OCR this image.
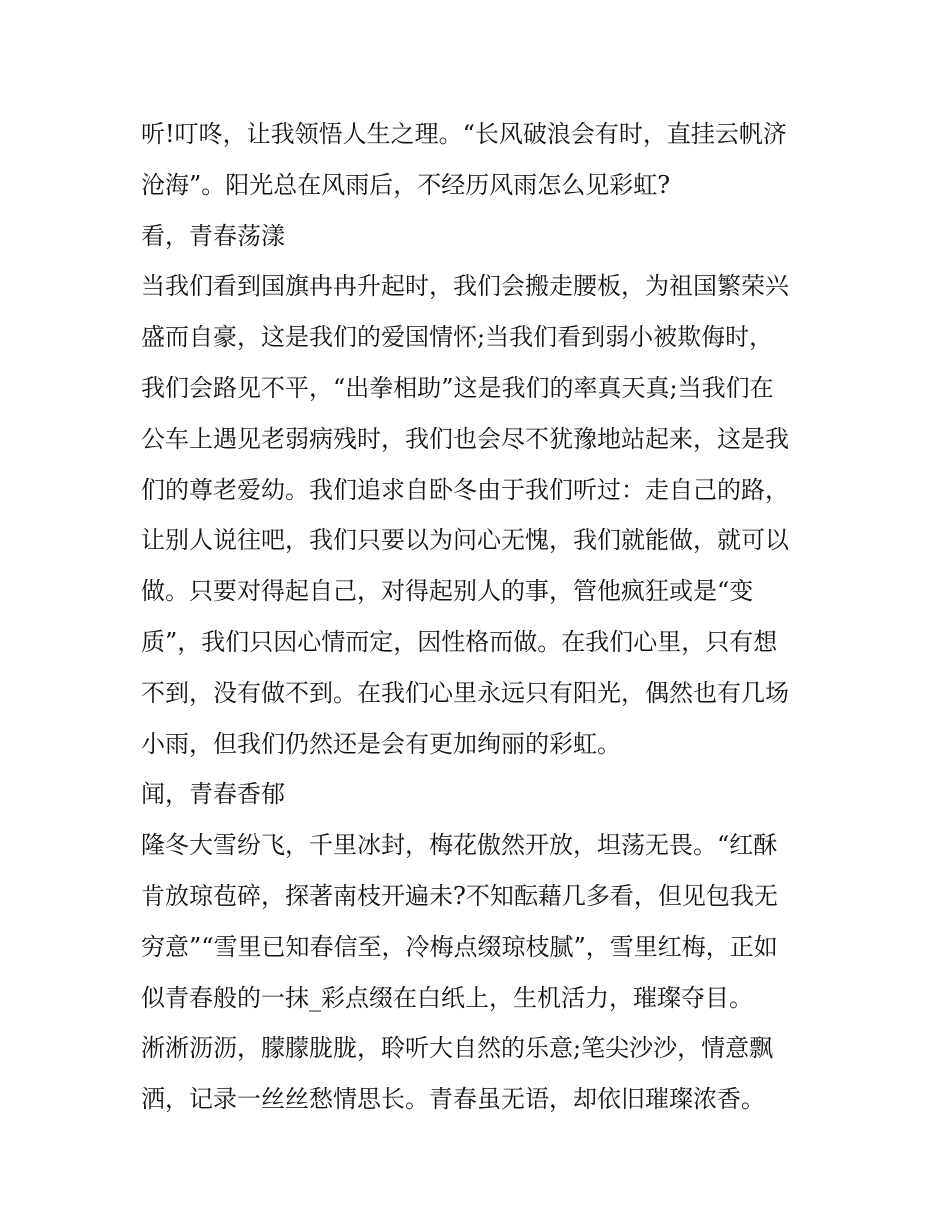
听!叮咚，让我领悟人生之理。“长风破浪会有时，直挂云帆济
沧海”。阳光总在风雨后，不经历风雨怎么见彩虹?
看，青春荡漾
当我们看到国旗冉冉升起时，我们会搬走腰板，为祖国繁荣兴
盛而自豪，这是我们的爱国情怀;当我们看到弱小被欺侮时，
我们会路见不平，“出拳相助”这是我们的率真天真;当我们在
公车上遇见老弱病残时，我们也会尽不犹豫地站起来，这是我
们的尊老爱幼。我们追求自卧冬由于我们听过：走自己的路，
让别人说往吧，我们只要以为问心无愧，我们就能做，就可以
做。只要对得起自己，对得起别人的事，管他疯狂或是“变
质”，我们只因心情而定，因性格而做。在我们心里，只有想
不到，没有做不到。在我们心里永远只有阳光，偶然也有几场
小雨，但我们仍然还是会有更加绚丽的彩虹。
闻，青春香郁
隆冬大雪纷飞，千里冰封，梅花傲然开放，坦荡无畏。“红酥
肯放琼苞碎，探著南枝开遍未?不知酝藉几多看，但见包我无
穷意”“雪里已知春信至，冷梅点缀琼枝腻”，雪里红梅，正如
似青春般的一抹_彩点缀在白纸上，生机活力，璀璨夺目。
淅淅沥沥，朦朦胧胧，聆听大自然的乐意;笔尖沙沙，情意飘
洒，记录一丝丝愁情思长。青春虽无语，却依旧璀璨浓香。
